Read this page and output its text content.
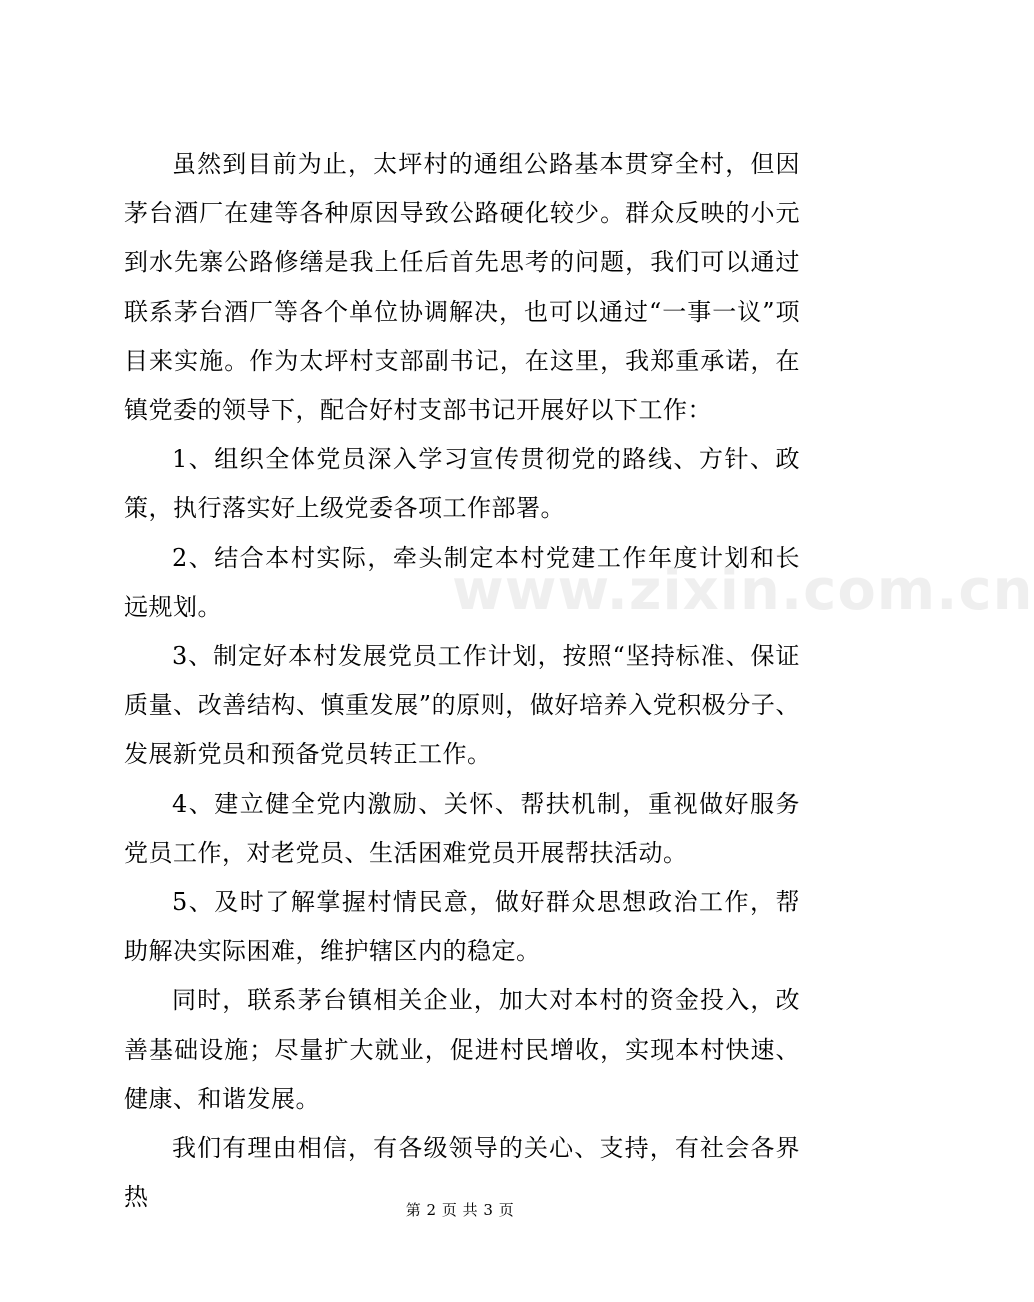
虽然到目前为止，太坪村的通组公路基本贯穿全村，但因茅台酒厂在建等各种原因导致公路硬化较少。群众反映的小元到水先寨公路修缮是我上任后首先思考的问题，我们可以通过联系茅台酒厂等各个单位协调解决，也可以通过“一事一议”项目来实施。作为太坪村支部副书记，在这里，我郑重承诺，在镇党委的领导下，配合好村支部书记开展好以下工作：

1、组织全体党员深入学习宣传贯彻党的路线、方针、政策，执行落实好上级党委各项工作部署。

2、结合本村实际，牵头制定本村党建工作年度计划和长远规划。

3、制定好本村发展党员工作计划，按照“坚持标准、保证质量、改善结构、慎重发展”的原则，做好培养入党积极分子、发展新党员和预备党员转正工作。

4、建立健全党内激励、关怀、帮扶机制，重视做好服务党员工作，对老党员、生活困难党员开展帮扶活动。

5、及时了解掌握村情民意，做好群众思想政治工作，帮助解决实际困难，维护辖区内的稳定。

同时，联系茅台镇相关企业，加大对本村的资金投入，改善基础设施；尽量扩大就业，促进村民增收，实现本村快速、健康、和谐发展。

我们有理由相信，有各级领导的关心、支持，有社会各界热

www.zixin.com.cn
第 2 页 共 3 页
